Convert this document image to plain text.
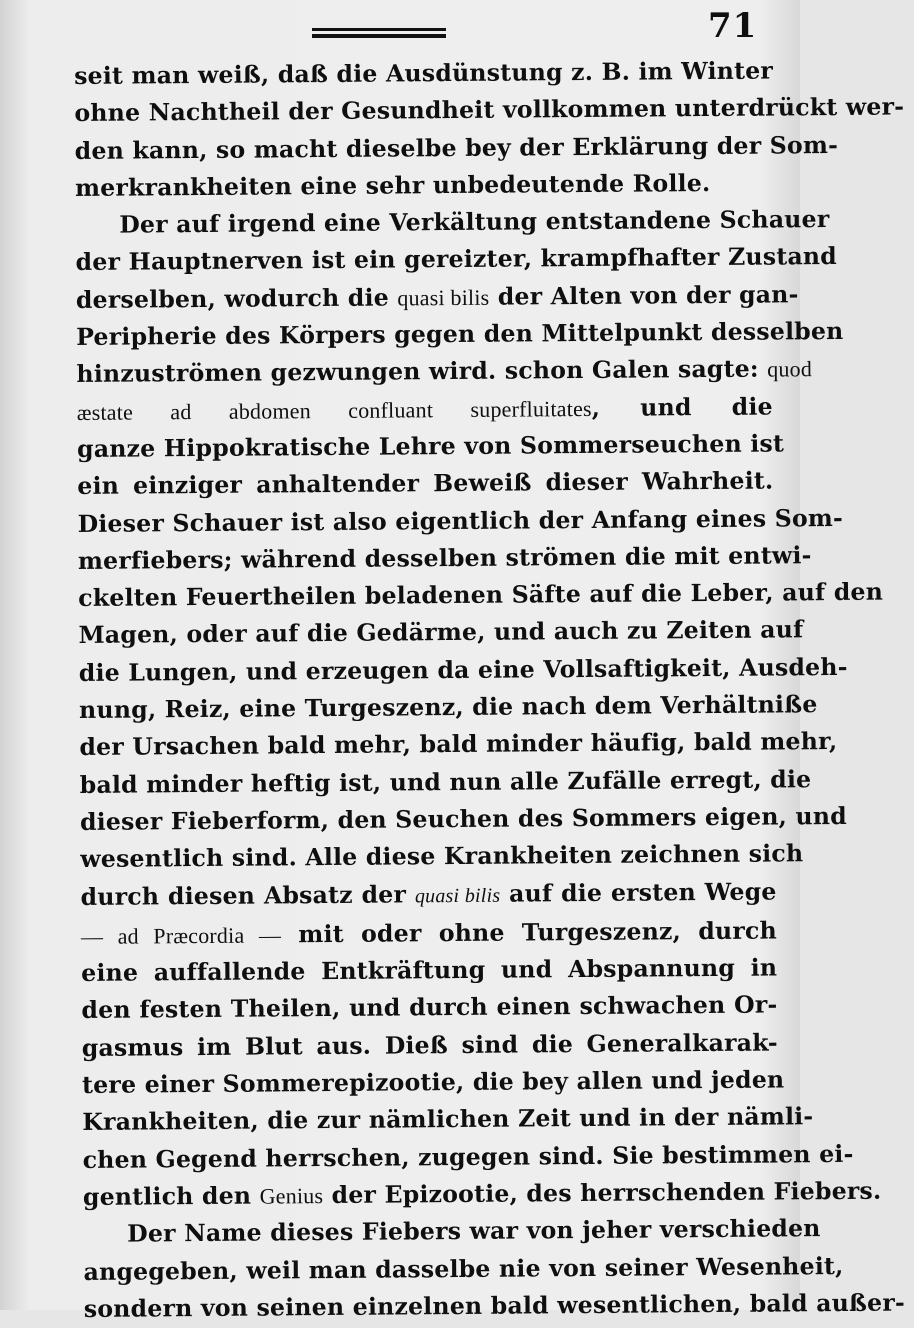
71
seit man weiß, daß die Ausdünstung z. B. im Winter
ohne Nachtheil der Gesundheit vollkommen unterdrückt wer-
den kann, so macht dieselbe bey der Erklärung der Som-
merkrankheiten eine sehr unbedeutende Rolle.
Der auf irgend eine Verkältung entstandene Schauer
der Hauptnerven ist ein gereizter, krampfhafter Zustand
derselben, wodurch die quasi bilis der Alten von der gan-
Peripherie des Körpers gegen den Mittelpunkt desselben
hinzuströmen gezwungen wird. schon Galen sagte: quod
æstate ad abdomen confluant superfluitates, und die
ganze Hippokratische Lehre von Sommerseuchen ist
ein einziger anhaltender Beweiß dieser Wahrheit.
Dieser Schauer ist also eigentlich der Anfang eines Som-
merfiebers; während desselben strömen die mit entwi-
ckelten Feuertheilen beladenen Säfte auf die Leber, auf den
Magen, oder auf die Gedärme, und auch zu Zeiten auf
die Lungen, und erzeugen da eine Vollsaftigkeit, Ausdeh-
nung, Reiz, eine Turgeszenz, die nach dem Verhältniße
der Ursachen bald mehr, bald minder häufig, bald mehr,
bald minder heftig ist, und nun alle Zufälle erregt, die
dieser Fieberform, den Seuchen des Sommers eigen, und
wesentlich sind. Alle diese Krankheiten zeichnen sich
durch diesen Absatz der quasi bilis auf die ersten Wege
— ad Præcordia — mit oder ohne Turgeszenz, durch
eine auffallende Entkräftung und Abspannung in
den festen Theilen, und durch einen schwachen Or-
gasmus im Blut aus. Dieß sind die Generalkarak-
tere einer Sommerepizootie, die bey allen und jeden
Krankheiten, die zur nämlichen Zeit und in der nämli-
chen Gegend herrschen, zugegen sind. Sie bestimmen ei-
gentlich den Genius der Epizootie, des herrschenden Fiebers.
Der Name dieses Fiebers war von jeher verschieden
angegeben, weil man dasselbe nie von seiner Wesenheit,
sondern von seinen einzelnen bald wesentlichen, bald außer-
